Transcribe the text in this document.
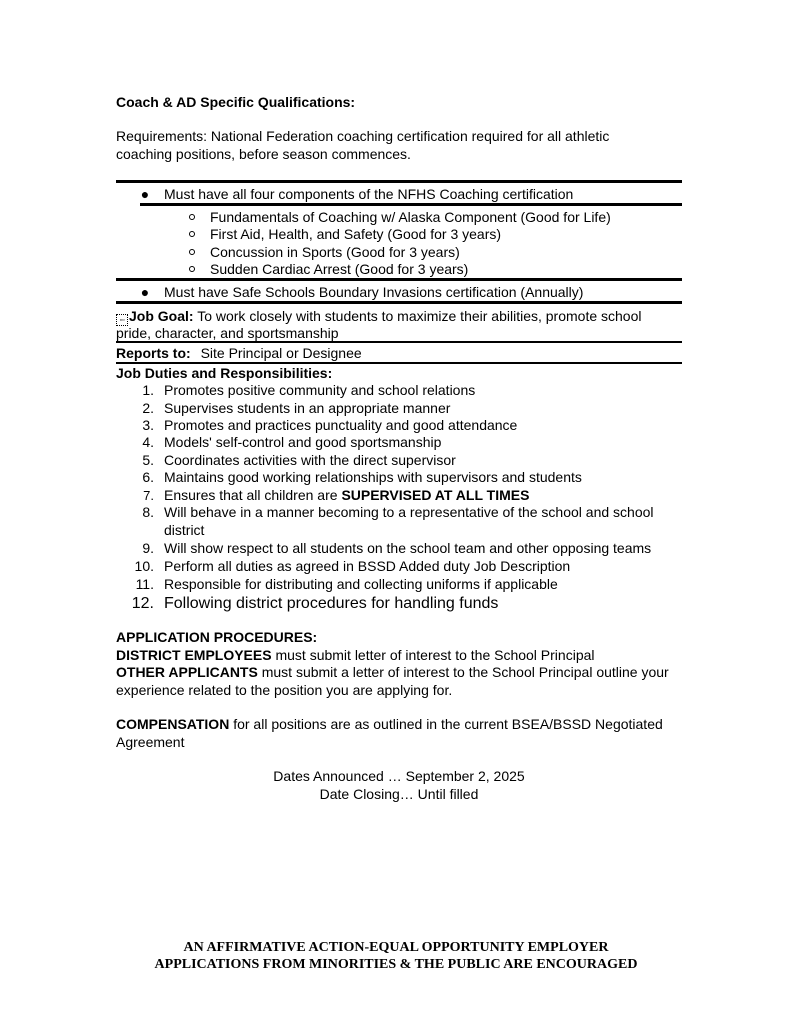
Coach & AD Specific Qualifications:
Requirements: National Federation coaching certification required for all athletic
coaching positions, before season commences.
● Must have all four components of the NFHS Coaching certification
Fundamentals of Coaching w/ Alaska Component (Good for Life)
First Aid, Health, and Safety (Good for 3 years)
Concussion in Sports (Good for 3 years)
Sudden Cardiac Arrest (Good for 3 years)
● Must have Safe Schools Boundary Invasions certification (Annually)
▫▫ Job Goal: To work closely with students to maximize their abilities, promote school
pride, character, and sportsmanship
Reports to: Site Principal or Designee
Job Duties and Responsibilities:
1. Promotes positive community and school relations
2. Supervises students in an appropriate manner
3. Promotes and practices punctuality and good attendance
4. Models' self-control and good sportsmanship
5. Coordinates activities with the direct supervisor
6. Maintains good working relationships with supervisors and students
7. Ensures that all children are SUPERVISED AT ALL TIMES
8. Will behave in a manner becoming to a representative of the school and school
district
9. Will show respect to all students on the school team and other opposing teams
10. Perform all duties as agreed in BSSD Added duty Job Description
11. Responsible for distributing and collecting uniforms if applicable
12. Following district procedures for handling funds
APPLICATION PROCEDURES:
DISTRICT EMPLOYEES must submit letter of interest to the School Principal
OTHER APPLICANTS must submit a letter of interest to the School Principal outline your
experience related to the position you are applying for.
COMPENSATION for all positions are as outlined in the current BSEA/BSSD Negotiated
Agreement
Dates Announced … September 2, 2025
Date Closing… Until filled
AN AFFIRMATIVE ACTION-EQUAL OPPORTUNITY EMPLOYER
APPLICATIONS FROM MINORITIES & THE PUBLIC ARE ENCOURAGED
